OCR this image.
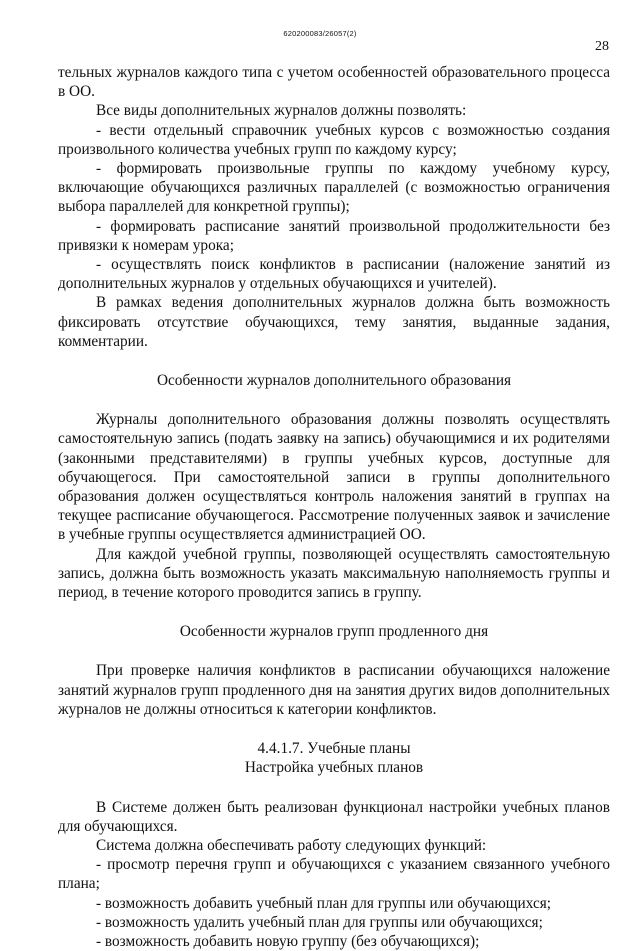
620200083/26057(2)
28

тельных журналов каждого типа с учетом особенностей образовательного процесса в ОО.

Все виды дополнительных журналов должны позволять:

- вести отдельный справочник учебных курсов с возможностью создания произвольного количества учебных групп по каждому курсу;

- формировать произвольные группы по каждому учебному курсу, включающие обучающихся различных параллелей (с возможностью ограничения выбора параллелей для конкретной группы);

- формировать расписание занятий произвольной продолжительности без привязки к номерам урока;

- осуществлять поиск конфликтов в расписании (наложение занятий из дополнительных журналов у отдельных обучающихся и учителей).

В рамках ведения дополнительных журналов должна быть возможность фиксировать отсутствие обучающихся, тему занятия, выданные задания, комментарии.

Особенности журналов дополнительного образования

Журналы дополнительного образования должны позволять осуществлять самостоятельную запись (подать заявку на запись) обучающимися и их родителями (законными представителями) в группы учебных курсов, доступные для обучающегося. При самостоятельной записи в группы дополнительного образования должен осуществляться контроль наложения занятий в группах на текущее расписание обучающегося. Рассмотрение полученных заявок и зачисление в учебные группы осуществляется администрацией ОО.

Для каждой учебной группы, позволяющей осуществлять самостоятельную запись, должна быть возможность указать максимальную наполняемость группы и период, в течение которого проводится запись в группу.

Особенности журналов групп продленного дня

При проверке наличия конфликтов в расписании обучающихся наложение занятий журналов групп продленного дня на занятия других видов дополнительных журналов не должны относиться к категории конфликтов.

4.4.1.7. Учебные планы

Настройка учебных планов

В Системе должен быть реализован функционал настройки учебных планов для обучающихся.

Система должна обеспечивать работу следующих функций:

- просмотр перечня групп и обучающихся с указанием связанного учебного плана;

- возможность добавить учебный план для группы или обучающихся;

- возможность удалить учебный план для группы или обучающихся;

- возможность добавить новую группу (без обучающихся);
